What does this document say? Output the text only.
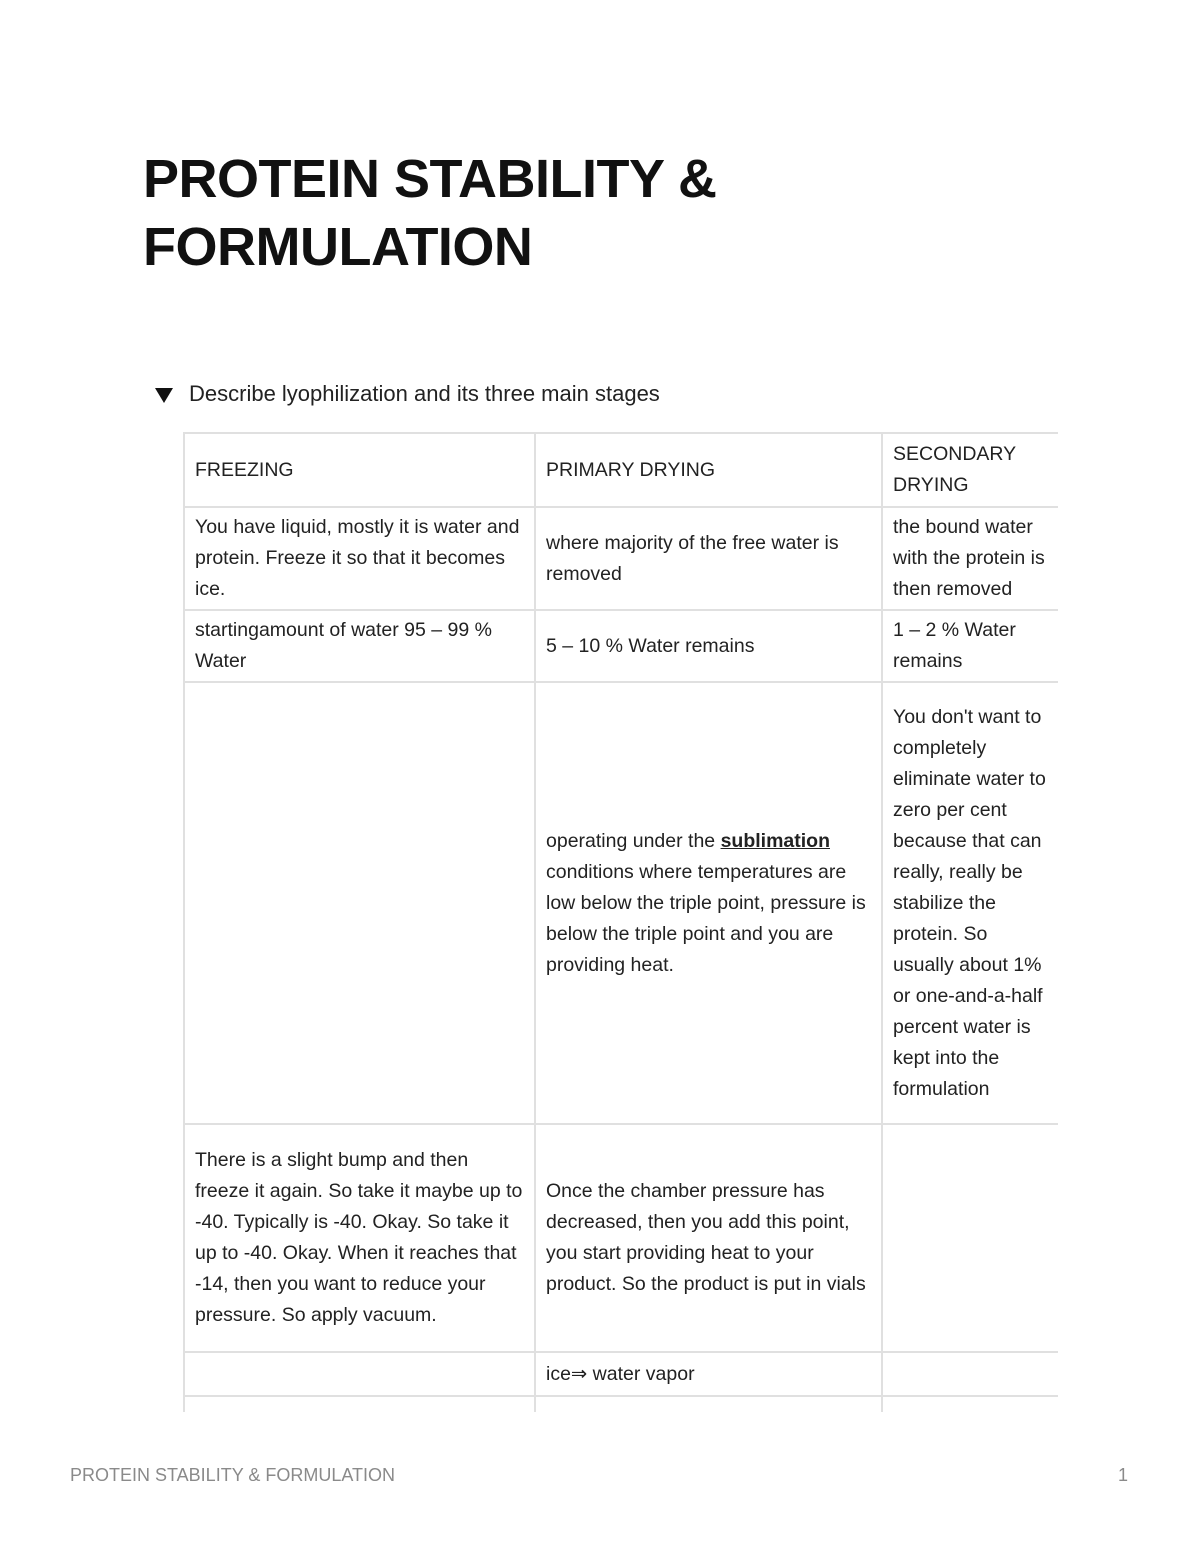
PROTEIN STABILITY &
FORMULATION
Describe lyophilization and its three main stages
FREEZING	PRIMARY DRYING	SECONDARY DRYING
You have liquid, mostly it is water and protein. Freeze it so that it becomes ice.	where majority of the free water is removed	the bound water with the protein is then removed
startingamount of water 95 – 99 % Water	5 – 10 % Water remains	1 – 2 % Water remains
	operating under the sublimation conditions where temperatures are low below the triple point, pressure is below the triple point and you are providing heat.	You don't want to completely eliminate water to zero per cent because that can really, really be stabilize the protein. So usually about 1% or one-and-a-half percent water is kept into the formulation
There is a slight bump and then freeze it again. So take it maybe up to -40. Typically is -40. Okay. So take it up to -40. Okay. When it reaches that -14, then you want to reduce your pressure. So apply vacuum.	Once the chamber pressure has decreased, then you add this point, you start providing heat to your product. So the product is put in vials	
	ice⇒ water vapor	

PROTEIN STABILITY & FORMULATION	1
